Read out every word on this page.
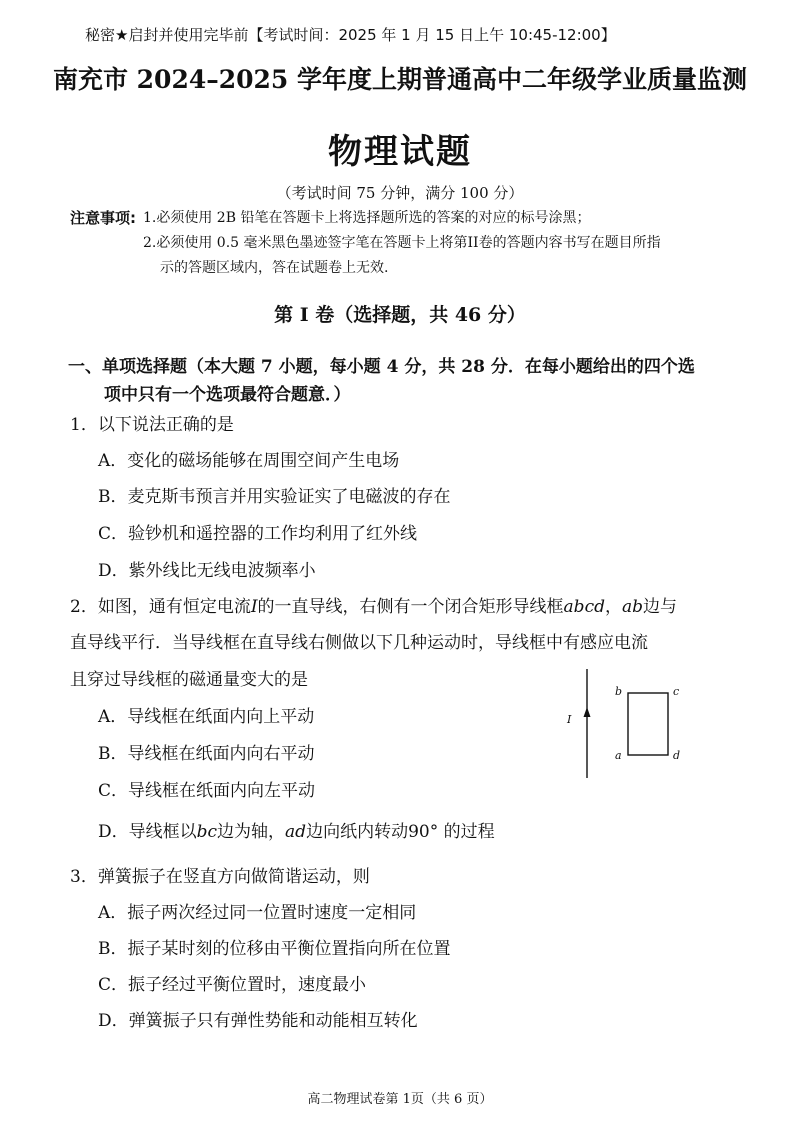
秘密★启封并使用完毕前【考试时间：2025 年 1 月 15 日上午 10:45-12:00】
南充市 2024–2025 学年度上期普通高中二年级学业质量监测
物理试题
（考试时间 75 分钟，满分 100 分）
注意事项: 1.必须使用 2B 铅笔在答题卡上将选择题所选的答案的对应的标号涂黑；
2.必须使用 0.5 毫米黑色墨迹签字笔在答题卡上将第II卷的答题内容书写在题目所指
示的答题区域内，答在试题卷上无效.
第 I 卷（选择题，共 46 分）
一、单项选择题（本大题 7 小题，每小题 4 分，共 28 分．在每小题给出的四个选
项中只有一个选项最符合题意．）
1．以下说法正确的是
A．变化的磁场能够在周围空间产生电场
B．麦克斯韦预言并用实验证实了电磁波的存在
C．验钞机和遥控器的工作均利用了红外线
D．紫外线比无线电波频率小
2．如图，通有恒定电流I的一直导线，右侧有一个闭合矩形导线框abcd，ab边与
直导线平行．当导线框在直导线右侧做以下几种运动时，导线框中有感应电流
且穿过导线框的磁通量变大的是
A．导线框在纸面内向上平动
B．导线框在纸面内向右平动
C．导线框在纸面内向左平动
D．导线框以bc边为轴，ad边向纸内转动90° 的过程
I
b	c
a	d
3．弹簧振子在竖直方向做简谐运动，则
A．振子两次经过同一位置时速度一定相同
B．振子某时刻的位移由平衡位置指向所在位置
C．振子经过平衡位置时，速度最小
D．弹簧振子只有弹性势能和动能相互转化
高二物理试卷第 1页（共 6 页）
